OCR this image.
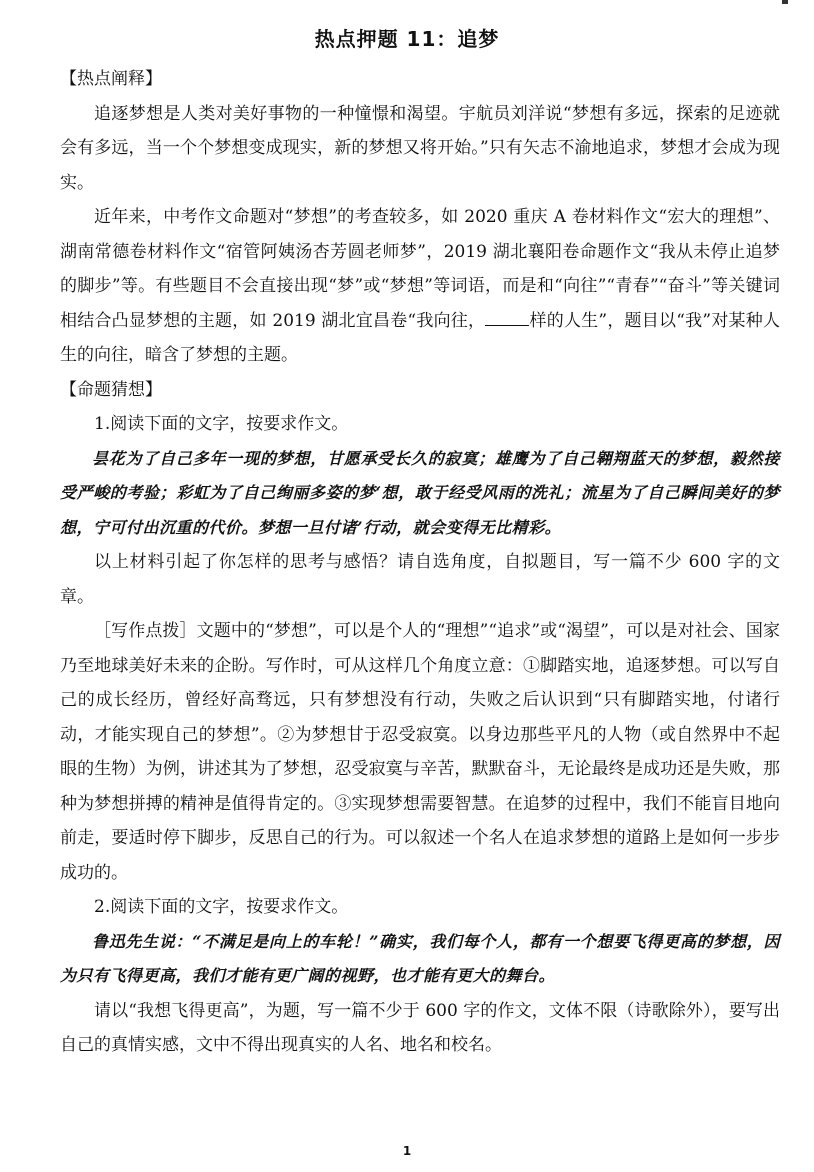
热点押题 11：追梦

【热点阐释】

追逐梦想是人类对美好事物的一种憧憬和渴望。宇航员刘洋说“梦想有多远，探索的足迹就会有多远，当一个个梦想变成现实，新的梦想又将开始。”只有矢志不渝地追求，梦想才会成为现实。

近年来，中考作文命题对“梦想”的考查较多，如 2020 重庆 A 卷材料作文“宏大的理想”、湖南常德卷材料作文“宿管阿姨汤杏芳圆老师梦”，2019 湖北襄阳卷命题作文“我从未停止追梦的脚步”等。有些题目不会直接出现“梦”或“梦想”等词语，而是和“向往”“青春”“奋斗”等关键词相结合凸显梦想的主题，如 2019 湖北宜昌卷“我向往，	样的人生”，题目以“我”对某种人生的向往，暗含了梦想的主题。

【命题猜想】

1.阅读下面的文字，按要求作文。

昙花为了自己多年一现的梦想，甘愿承受长久的寂寞；雄鹰为了自己翱翔蓝天的梦想，毅然接受严峻的考验；彩虹为了自己绚丽多姿的梦‘想，敢于经受风雨的洗礼；流星为了自己瞬间美好的梦想，宁可付出沉重的代价。梦想一旦付诸’行动，就会变得无比精彩。

以上材料引起了你怎样的思考与感悟？请自选角度，自拟题目，写一篇不少 600 字的文章。

［写作点拨］文题中的“梦想”，可以是个人的“理想”“追求”或“渴望”，可以是对社会、国家乃至地球美好未来的企盼。写作时，可从这样几个角度立意：①脚踏实地，追逐梦想。可以写自己的成长经历，曾经好高骛远，只有梦想没有行动，失败之后认识到“只有脚踏实地，付诸行动，才能实现自己的梦想”。②为梦想甘于忍受寂寞。以身边那些平凡的人物（或自然界中不起眼的生物）为例，讲述其为了梦想，忍受寂寞与辛苦，默默奋斗，无论最终是成功还是失败，那种为梦想拼搏的精神是值得肯定的。③实现梦想需要智慧。在追梦的过程中，我们不能盲目地向前走，要适时停下脚步，反思自己的行为。可以叙述一个名人在追求梦想的道路上是如何一步步成功的。

2.阅读下面的文字，按要求作文。

鲁迅先生说：“不满足是向上的车轮！”确实，我们每个人，都有一个想要飞得更高的梦想，因为只有飞得更高，我们才能有更广阔的视野，也才能有更大的舞台。

请以“我想飞得更高”，为题，写一篇不少于 600 字的作文，文体不限（诗歌除外），要写出自己的真情实感，文中不得出现真实的人名、地名和校名。

1
